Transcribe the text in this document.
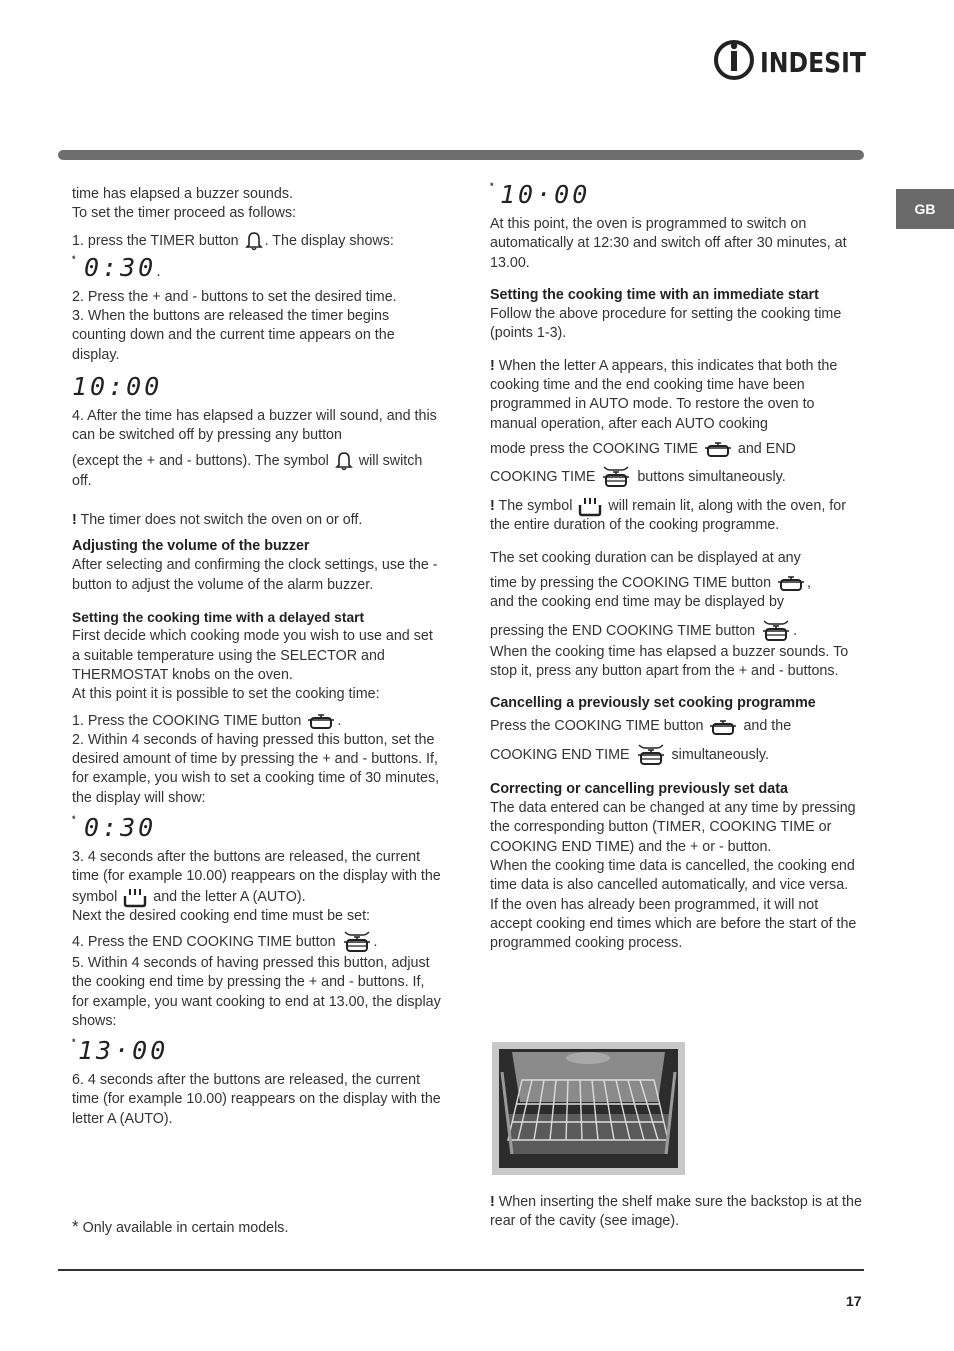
INDESIT
GB

time has elapsed a buzzer sounds.

To set the timer proceed as follows:

1. press the TIMER button . The display shows:

* 0:30 .

2. Press the + and - buttons to set the desired time.

3. When the buttons are released the timer begins counting down and the current time appears on the display.

10:00

4. After the time has elapsed a buzzer will sound, and this can be switched off by pressing any button

(except the + and - buttons). The symbol will switch off.

! The timer does not switch the oven on or off.

Adjusting the volume of the buzzer

After selecting and confirming the clock settings, use the - button to adjust the volume of the alarm buzzer.

Setting the cooking time with a delayed start

First decide which cooking mode you wish to use and set a suitable temperature using the SELECTOR and THERMOSTAT knobs on the oven.

At this point it is possible to set the cooking time:

1. Press the COOKING TIME button	.

2. Within 4 seconds of having pressed this button, set the desired amount of time by pressing the + and - buttons. If, for example, you wish to set a cooking time of 30 minutes, the display will show:

* 0:30

3. 4 seconds after the buttons are released, the current time (for example 10.00) reappears on the display with the symbol	and the letter A (AUTO).

Next the desired cooking end time must be set:

4. Press the END COOKING TIME button	.

5. Within 4 seconds of having pressed this button, adjust the cooking end time by pressing the + and - buttons. If, for example, you want cooking to end at 13.00, the display shows:

* 13·00

6. 4 seconds after the buttons are released, the current time (for example 10.00) reappears on the display with the letter A (AUTO).

* 10·00

At this point, the oven is programmed to switch on automatically at 12:30 and switch off after 30 minutes, at 13.00.

Setting the cooking time with an immediate start

Follow the above procedure for setting the cooking time (points 1-3).

! When the letter A appears, this indicates that both the cooking time and the end cooking time have been programmed in AUTO mode. To restore the oven to manual operation, after each AUTO cooking

mode press the COOKING TIME	and END

COOKING TIME	buttons simultaneously.

! The symbol	will remain lit, along with the oven, for the entire duration of the cooking programme.

The set cooking duration can be displayed at any

time by pressing the COOKING TIME button	,

and the cooking end time may be displayed by

pressing the END COOKING TIME button	.

When the cooking time has elapsed a buzzer sounds. To stop it, press any button apart from the + and - buttons.

Cancelling a previously set cooking programme

Press the COOKING TIME button	and the

COOKING END TIME	simultaneously.

Correcting or cancelling previously set data

The data entered can be changed at any time by pressing the corresponding button (TIMER, COOKING TIME or COOKING END TIME) and the + or - button.

When the cooking time data is cancelled, the cooking end time data is also cancelled automatically, and vice versa.

If the oven has already been programmed, it will not accept cooking end times which are before the start of the programmed cooking process.

! When inserting the shelf make sure the backstop is at the rear of the cavity (see image).

* Only available in certain models.

17
